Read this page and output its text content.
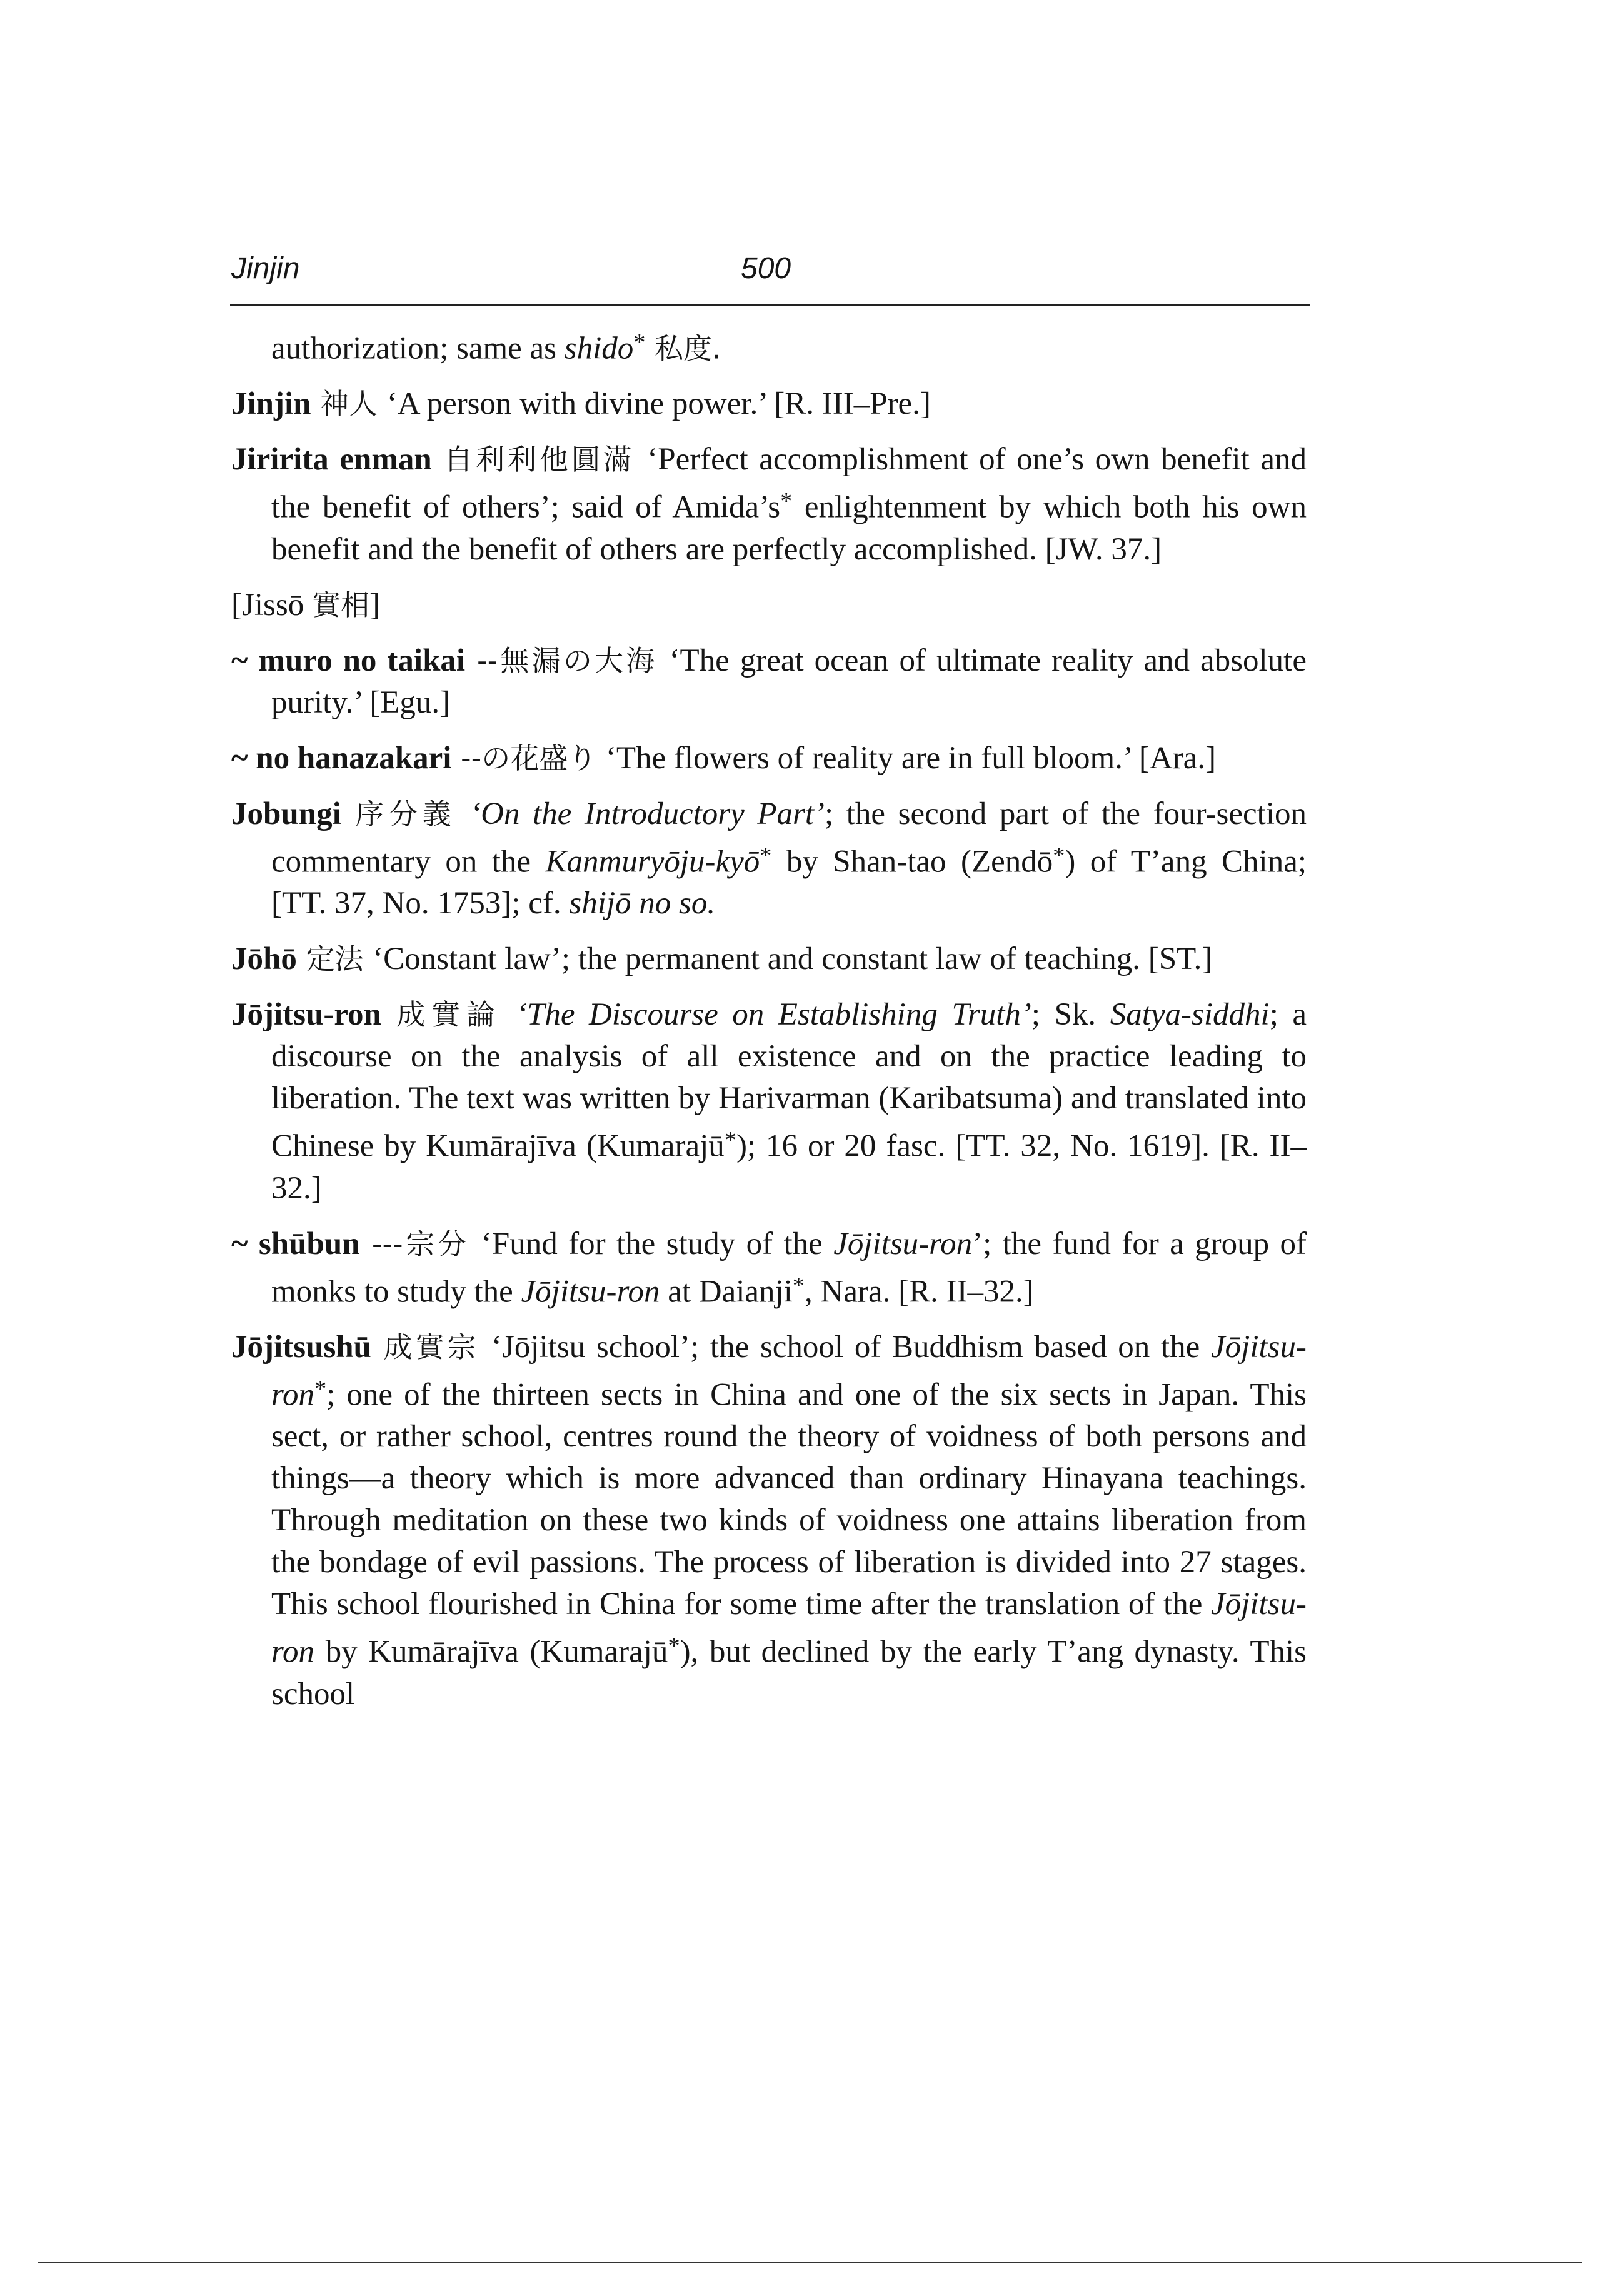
Jinjin	500

authorization; same as shido* 私度.

Jinjin 神人 ‘A person with divine power.’ [R. III–Pre.]

Jiririta enman 自利利他圓滿 ‘Perfect accomplishment of one’s own benefit and the benefit of others’; said of Amida’s* enlightenment by which both his own benefit and the benefit of others are perfectly accomplished. [JW. 37.]

[Jissō 實相]

~ muro no taikai --無漏の大海 ‘The great ocean of ultimate reality and absolute purity.’ [Egu.]

~ no hanazakari --の花盛り ‘The flowers of reality are in full bloom.’ [Ara.]

Jobungi 序分義 ‘On the Introductory Part’; the second part of the four-section commentary on the Kanmuryōju-kyō* by Shan-tao (Zendō*) of T’ang China; [TT. 37, No. 1753]; cf. shijō no so.

Jōhō 定法 ‘Constant law’; the permanent and constant law of teaching. [ST.]

Jōjitsu-ron 成實論 ‘The Discourse on Establishing Truth’; Sk. Satya-siddhi; a discourse on the analysis of all existence and on the practice leading to liberation. The text was written by Harivarman (Karibatsuma) and translated into Chinese by Kumārajīva (Kumarajū*); 16 or 20 fasc. [TT. 32, No. 1619]. [R. II–32.]

~ shūbun ---宗分 ‘Fund for the study of the Jōjitsu-ron’; the fund for a group of monks to study the Jōjitsu-ron at Daianji*, Nara. [R. II–32.]

Jōjitsushū 成實宗 ‘Jōjitsu school’; the school of Buddhism based on the Jōjitsu-ron*; one of the thirteen sects in China and one of the six sects in Japan. This sect, or rather school, centres round the theory of voidness of both persons and things—a theory which is more advanced than ordinary Hinayana teachings. Through meditation on these two kinds of voidness one attains liberation from the bondage of evil passions. The process of liberation is divided into 27 stages. This school flourished in China for some time after the translation of the Jōjitsu-ron by Kumārajīva (Kumarajū*), but declined by the early T’ang dynasty. This school
